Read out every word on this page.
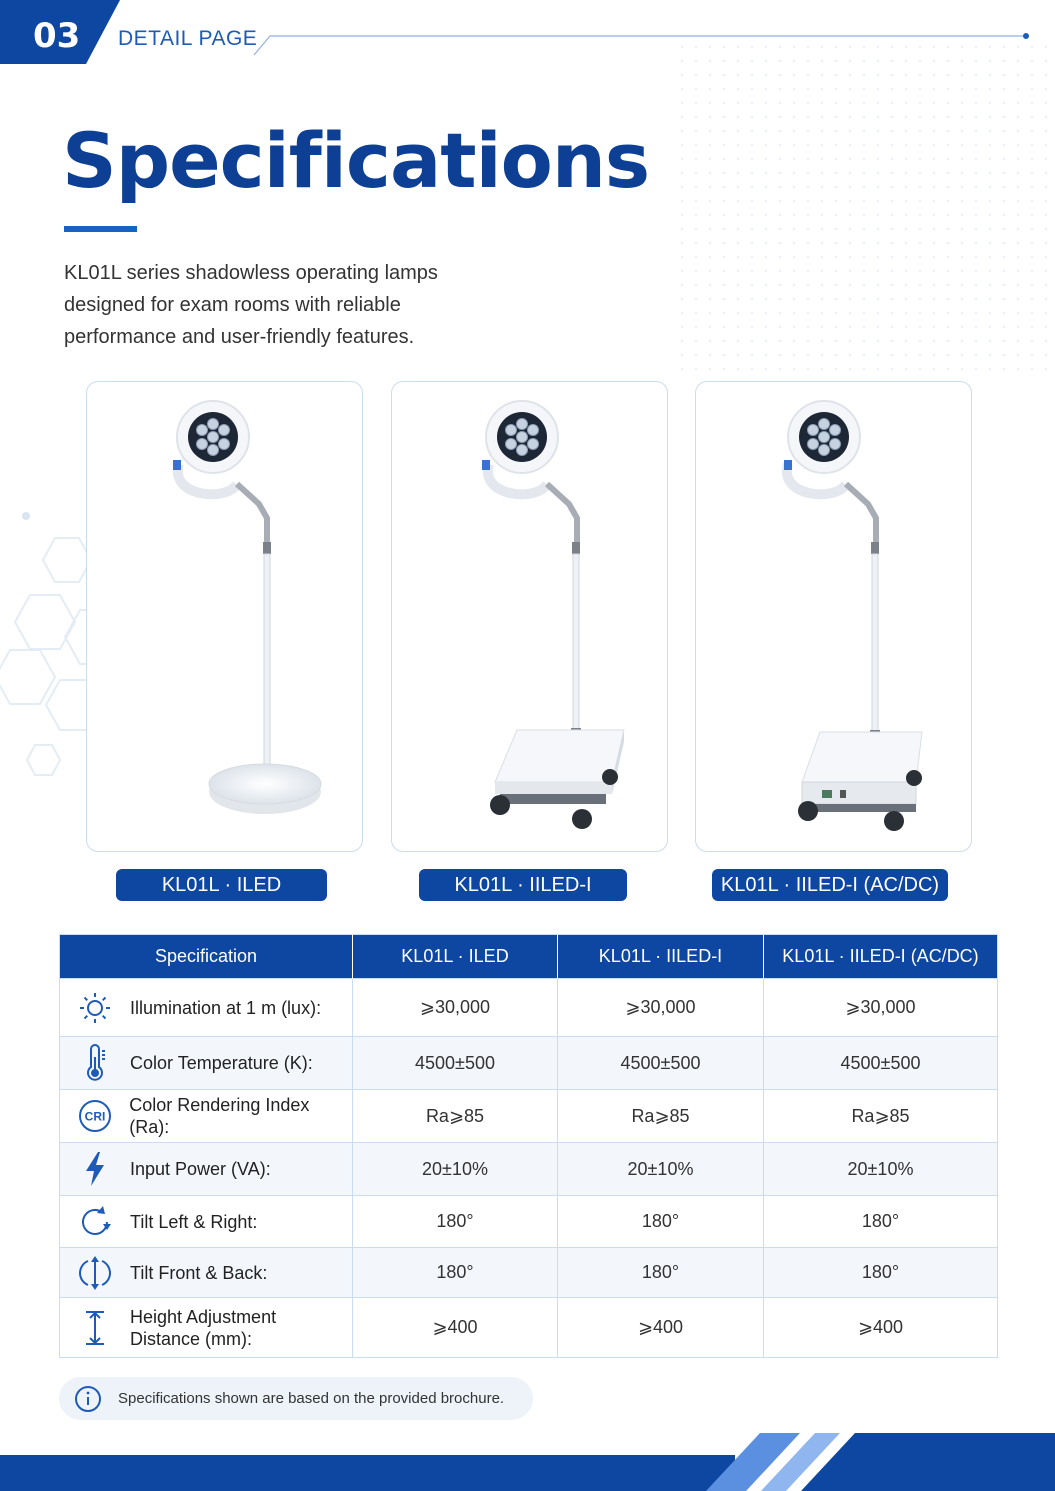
03 DETAIL PAGE
Specifications
KL01L series shadowless operating lamps designed for exam rooms with reliable performance and user-friendly features.
KL01L · ILED	KL01L · IILED-I	KL01L · IILED-I (AC/DC)
Specification	KL01L · ILED	KL01L · IILED-I	KL01L · IILED-I (AC/DC)

Illumination at 1 m (lux):	⩾30,000	⩾30,000	⩾30,000

Color Temperature (K):	4500±500	4500±500	4500±500

CRI
Color Rendering Index (Ra):	Ra⩾85	Ra⩾85	Ra⩾85

Input Power (VA):	20±10%	20±10%	20±10%

Tilt Left & Right:	180°	180°	180°

Tilt Front & Back:	180°	180°	180°

Height Adjustment Distance (mm):	⩾400	⩾400	⩾400
Specifications shown are based on the provided brochure.
